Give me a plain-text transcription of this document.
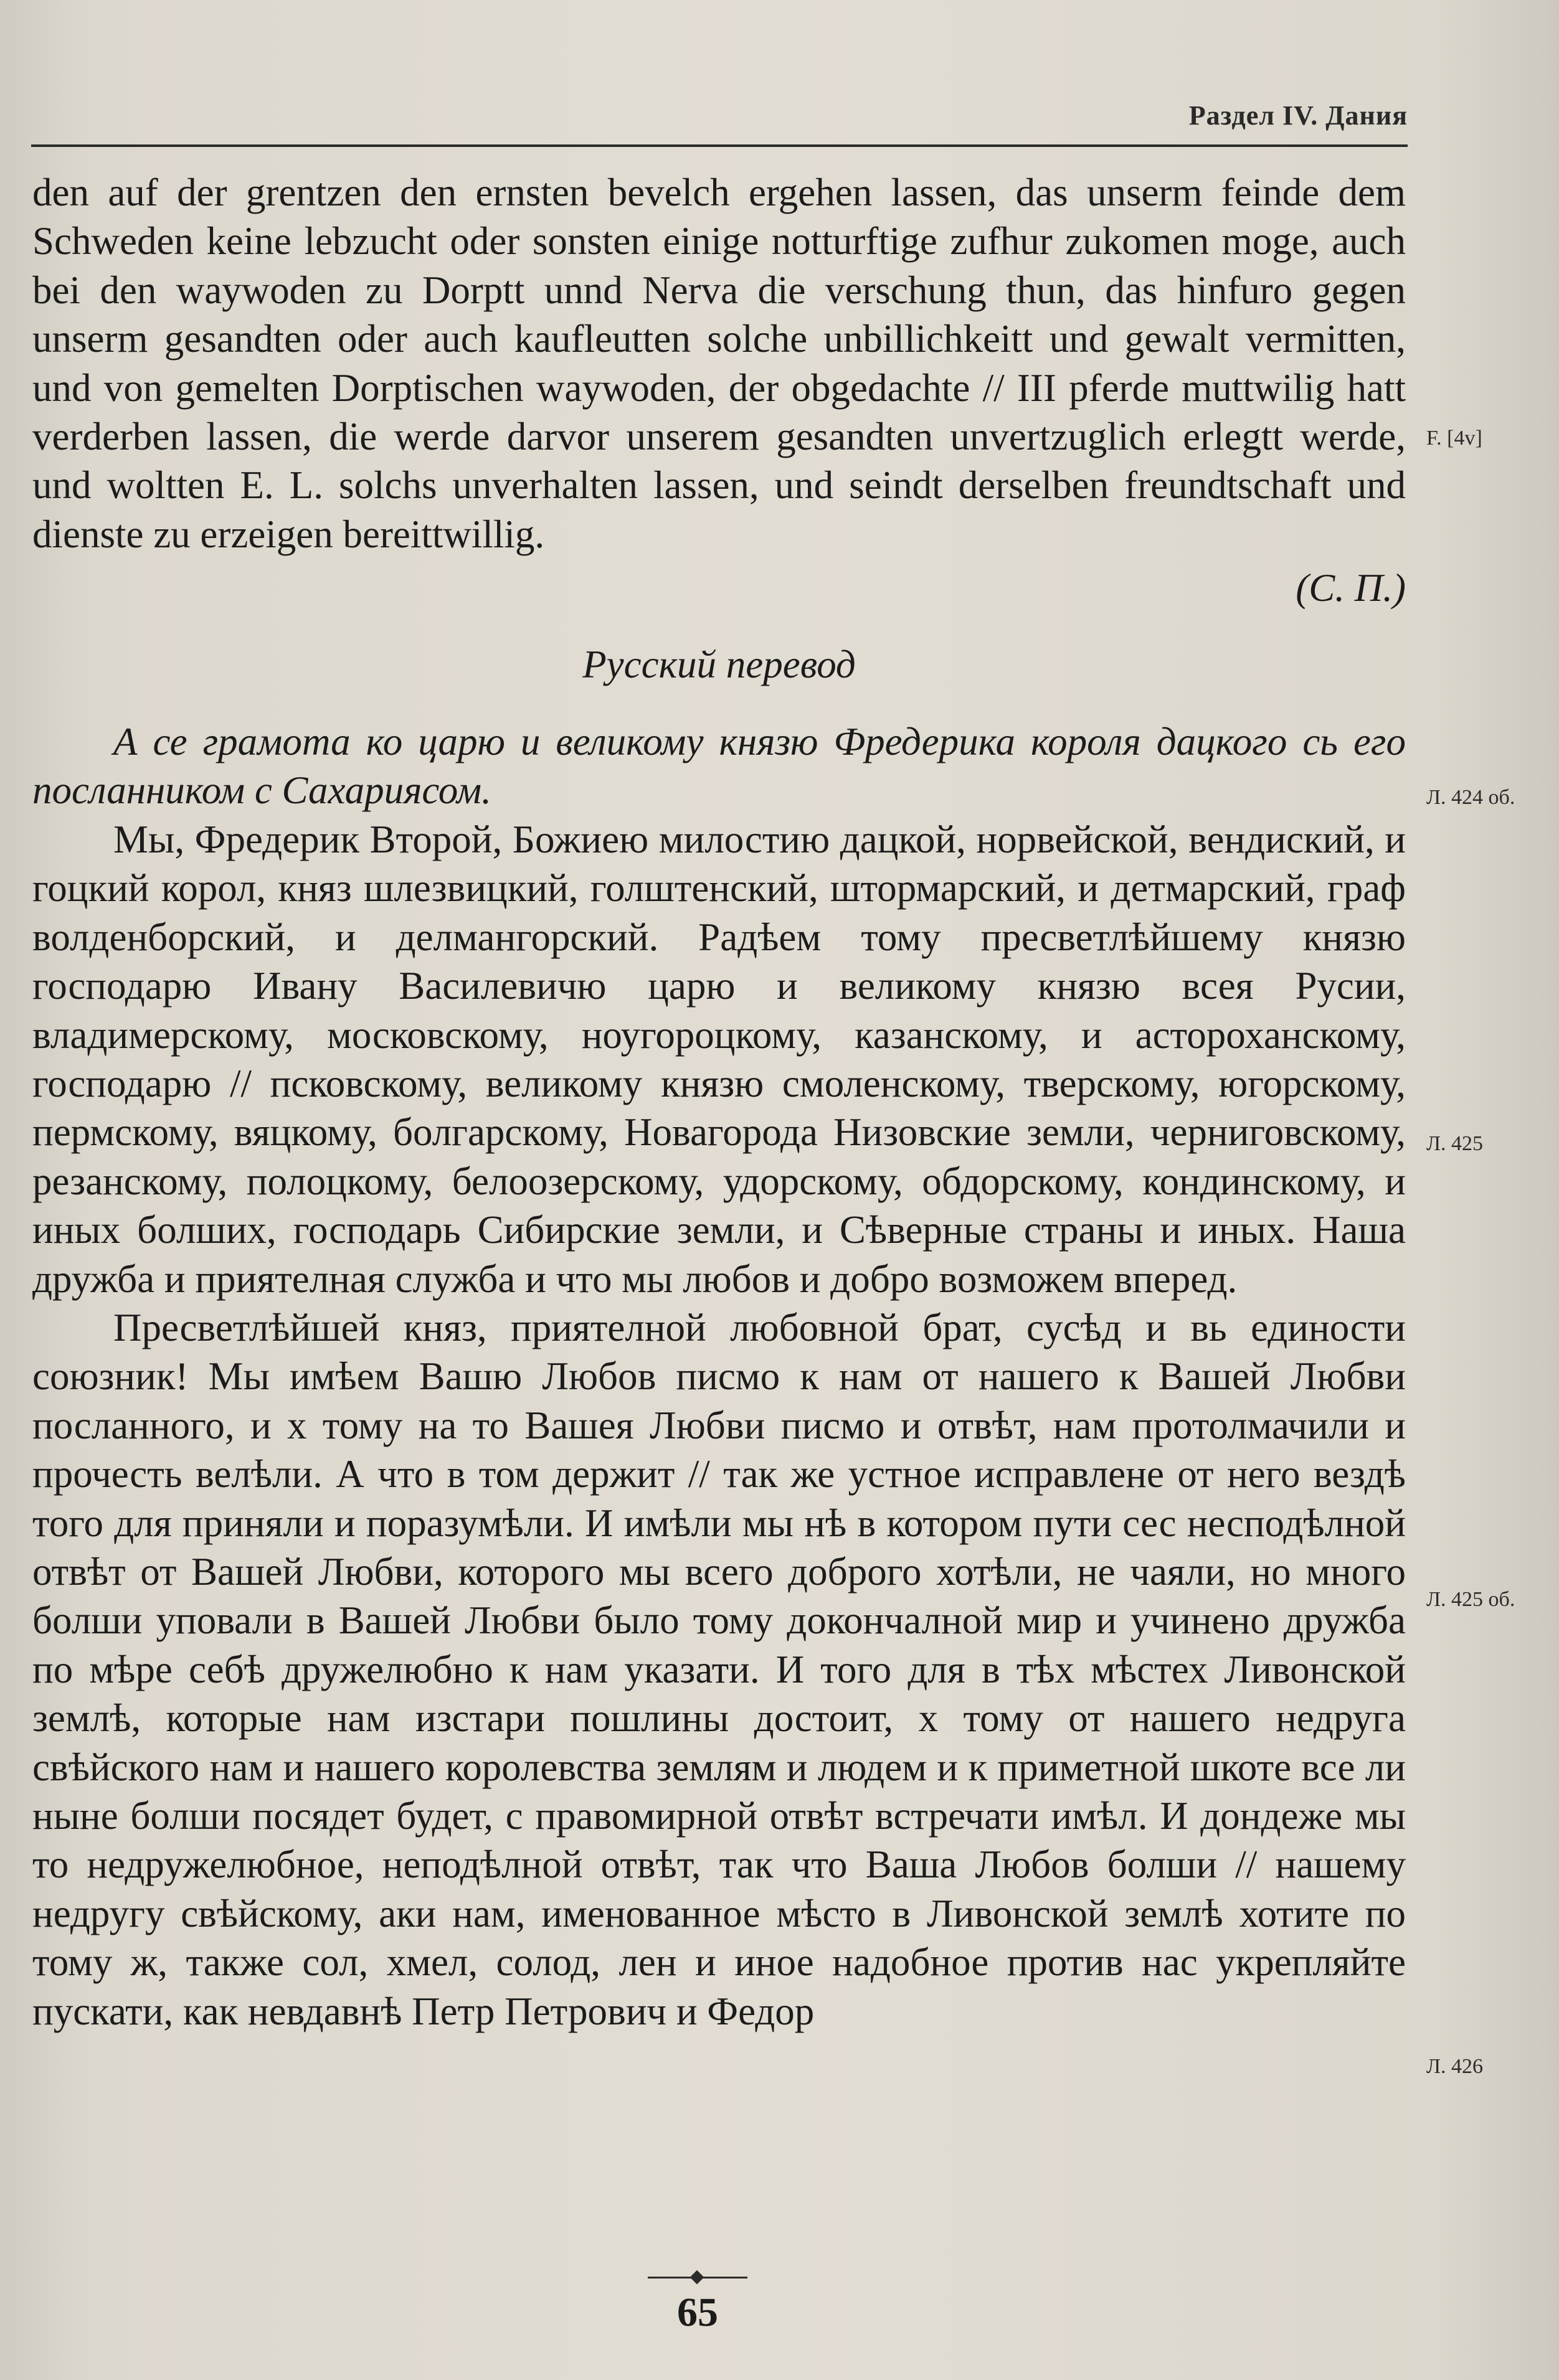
Раздел IV. Дания

den auf der grentzen den ernsten bevelch ergehen lassen, das unserm feinde dem Schweden keine lebzucht oder sonsten einige notturftige zufhur zukomen moge, auch bei den waywoden zu Dorptt unnd Nerva die verschung thun, das hinfuro gegen unserm gesandten oder auch kaufleutten solche unbillichkeitt und gewalt vermitten, und von gemelten Dorptischen waywoden, der obgedachte // III pferde muttwilig hatt verderben lassen, die werde darvor unserem gesandten unvertzuglich erlegtt werde, und woltten E. L. solchs unverhalten lassen, und seindt derselben freundtschaft und dienste zu erzeigen bereittwillig.

(С. П.)

Русский перевод

А се грамота ко царю и великому князю Фредерика короля дацкого сь его посланником с Сахариясом.

Мы, Фредерик Второй, Божиею милостию дацкой, норвейской, вендиский, и гоцкий корол, княз шлезвицкий, голштенский, штормарский, и детмарский, граф волденборский, и делмангорский. Радѣем тому пресветлѣйшему князю господарю Ивану Василевичю царю и великому князю всея Русии, владимерскому, московскому, ноугороцкому, казанскому, и астороханскому, господарю // псковскому, великому князю смоленскому, тверскому, югорскому, пермскому, вяцкому, болгарскому, Новагорода Низовские земли, черниговскому, резанскому, полоцкому, белоозерскому, удорскому, обдорскому, кондинскому, и иных болших, господарь Сибирские земли, и Сѣверные страны и иных. Наша дружба и приятелная служба и что мы любов и добро возможем вперед.

Пресветлѣйшей княз, приятелной любовной брат, сусѣд и вь единости союзник! Мы имѣем Вашю Любов писмо к нам от нашего к Вашей Любви посланного, и х тому на то Вашея Любви писмо и отвѣт, нам протолмачили и прочесть велѣли. А что в том держит // так же устное исправлене от него вездѣ того для приняли и поразумѣли. И имѣли мы нѣ в котором пути сес несподѣлной отвѣт от Вашей Любви, которого мы всего доброго хотѣли, не чаяли, но много болши уповали в Вашей Любви было тому докончалной мир и учинено дружба по мѣре себѣ дружелюбно к нам указати. И того для в тѣх мѣстех Ливонской землѣ, которые нам изстари пошлины достоит, х тому от нашего недруга свѣйского нам и нашего королевства землям и людем и к приметной шкоте все ли ныне болши посядет будет, с правомирной отвѣт встречати имѣл. И дондеже мы то недружелюбное, неподѣлной отвѣт, так что Ваша Любов болши // нашему недругу свѣйскому, аки нам, именованное мѣсто в Ливонской землѣ хотите по тому ж, также сол, хмел, солод, лен и иное надобное против нас укрепляйте пускати, как невдавнѣ Петр Петрович и Федор

F. [4v]
Л. 424 об.
Л. 425
Л. 425 об.
Л. 426
65
